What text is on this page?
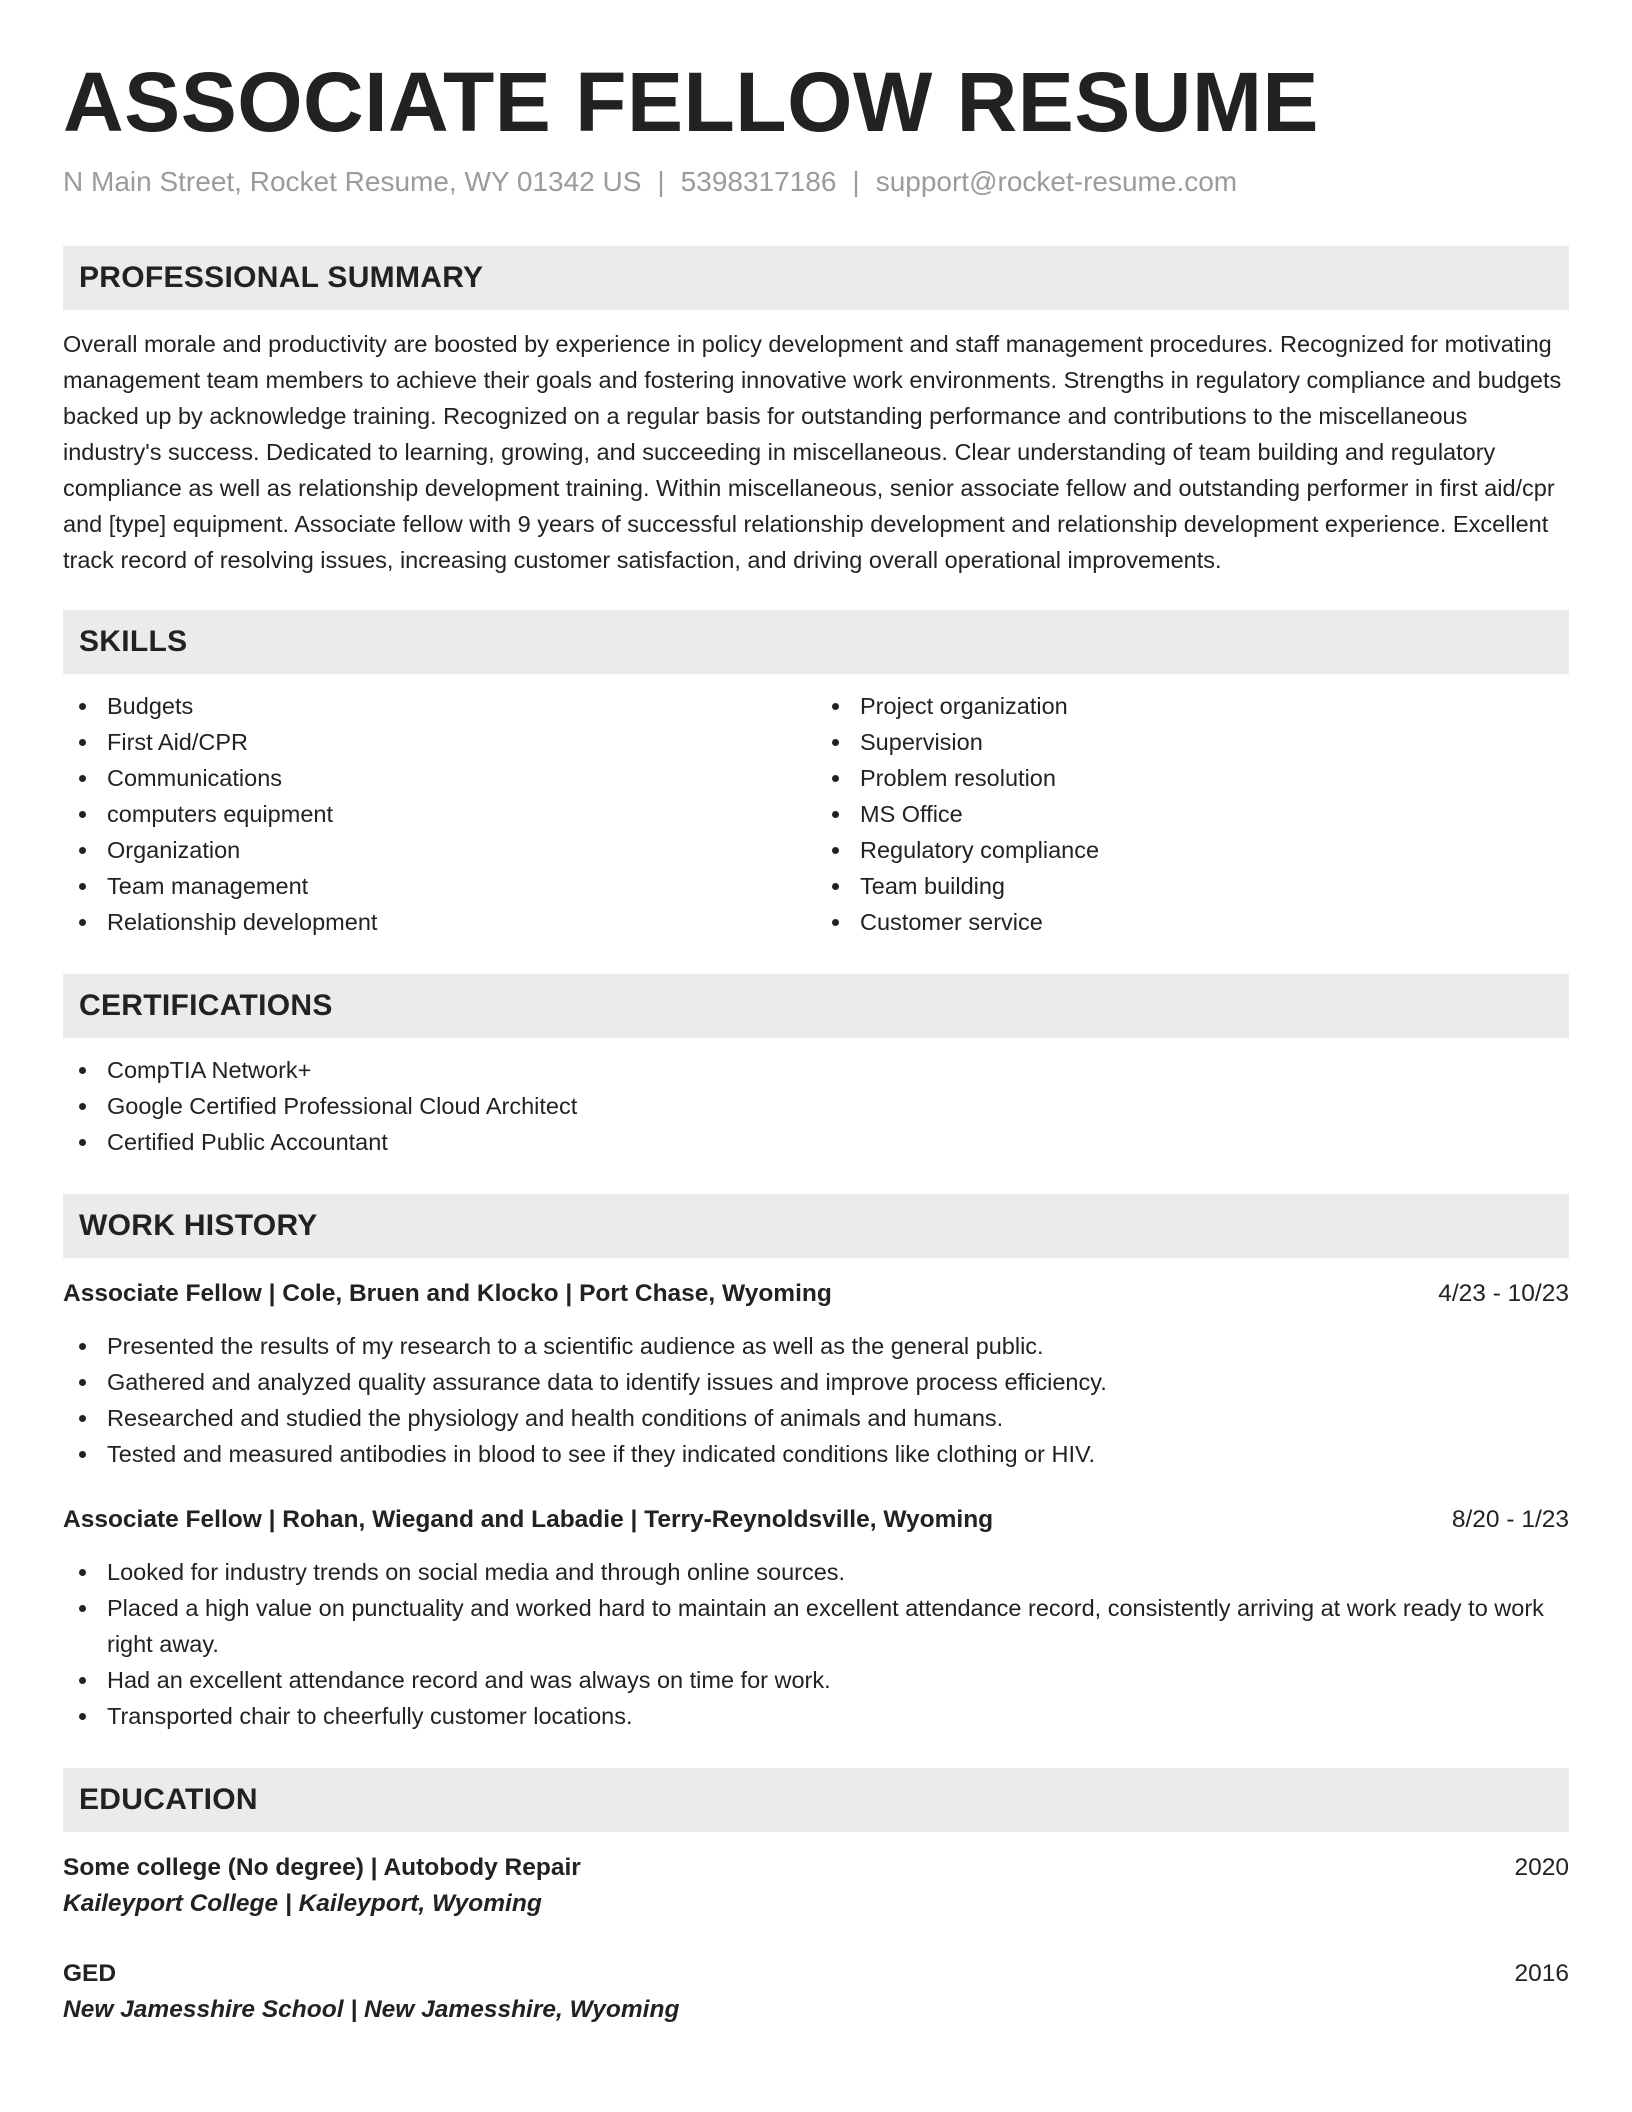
ASSOCIATE FELLOW RESUME
N Main Street, Rocket Resume, WY 01342 US | 5398317186 | support@rocket-resume.com
PROFESSIONAL SUMMARY

Overall morale and productivity are boosted by experience in policy development and staff management procedures. Recognized for motivating management team members to achieve their goals and fostering innovative work environments. Strengths in regulatory compliance and budgets backed up by acknowledge training. Recognized on a regular basis for outstanding performance and contributions to the miscellaneous industry's success. Dedicated to learning, growing, and succeeding in miscellaneous. Clear understanding of team building and regulatory compliance as well as relationship development training. Within miscellaneous, senior associate fellow and outstanding performer in first aid/cpr and [type] equipment. Associate fellow with 9 years of successful relationship development and relationship development experience. Excellent track record of resolving issues, increasing customer satisfaction, and driving overall operational improvements.

SKILLS
Budgets
First Aid/CPR
Communications
computers equipment
Organization
Team management
Relationship development
Project organization
Supervision
Problem resolution
MS Office
Regulatory compliance
Team building
Customer service
CERTIFICATIONS
CompTIA Network+
Google Certified Professional Cloud Architect
Certified Public Accountant
WORK HISTORY
Associate Fellow | Cole, Bruen and Klocko | Port Chase, Wyoming	4/23 - 10/23
Presented the results of my research to a scientific audience as well as the general public.
Gathered and analyzed quality assurance data to identify issues and improve process efficiency.
Researched and studied the physiology and health conditions of animals and humans.
Tested and measured antibodies in blood to see if they indicated conditions like clothing or HIV.
Associate Fellow | Rohan, Wiegand and Labadie | Terry-Reynoldsville, Wyoming	8/20 - 1/23
Looked for industry trends on social media and through online sources.
Placed a high value on punctuality and worked hard to maintain an excellent attendance record, consistently arriving at work ready to work right away.
Had an excellent attendance record and was always on time for work.
Transported chair to cheerfully customer locations.
EDUCATION
Some college (No degree) | Autobody Repair	2020
Kaileyport College | Kaileyport, Wyoming
GED	2016
New Jamesshire School | New Jamesshire, Wyoming
